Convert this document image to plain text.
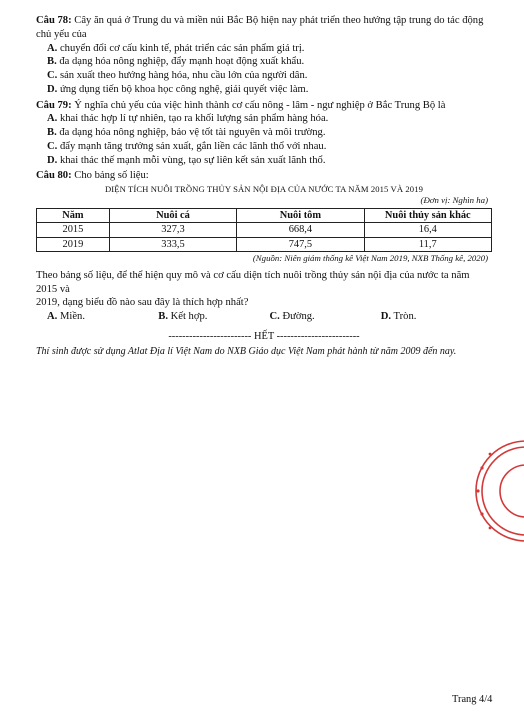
Câu 78: Cây ăn quả ở Trung du và miền núi Bắc Bộ hiện nay phát triển theo hướng tập trung do tác động

chủ yếu của

A. chuyển đổi cơ cấu kinh tế, phát triển các sản phẩm giá trị.

B. đa dạng hóa nông nghiệp, đẩy mạnh hoạt động xuất khẩu.

C. sản xuất theo hướng hàng hóa, nhu cầu lớn của người dân.

D. ứng dụng tiến bộ khoa học công nghệ, giải quyết việc làm.

Câu 79: Ý nghĩa chủ yếu của việc hình thành cơ cấu nông - lâm - ngư nghiệp ở Bắc Trung Bộ là

A. khai thác hợp lí tự nhiên, tạo ra khối lượng sản phẩm hàng hóa.

B. đa dạng hóa nông nghiệp, bảo vệ tốt tài nguyên và môi trường.

C. đẩy mạnh tăng trưởng sản xuất, gắn liền các lãnh thổ với nhau.

D. khai thác thế mạnh mỗi vùng, tạo sự liên kết sản xuất lãnh thổ.

Câu 80: Cho bảng số liệu:

DIỆN TÍCH NUÔI TRỒNG THỦY SẢN NỘI ĐỊA CỦA NƯỚC TA NĂM 2015 VÀ 2019

(Đơn vị: Nghìn ha)

Năm	Nuôi cá	Nuôi tôm	Nuôi thủy sản khác
2015	327,3	668,4	16,4
2019	333,5	747,5	11,7

(Nguồn: Niên giám thống kê Việt Nam 2019, NXB Thống kê, 2020)

Theo bảng số liệu, để thể hiện quy mô và cơ cấu diện tích nuôi trồng thủy sản nội địa của nước ta năm 2015 và

2019, dạng biểu đồ nào sau đây là thích hợp nhất?

A. Miền.	B. Kết hợp.	C. Đường.	D. Tròn.

------------------------ HẾT ------------------------

Thí sinh được sử dụng Atlat Địa lí Việt Nam do NXB Giáo dục Việt Nam phát hành từ năm 2009 đến nay.

Trang 4/4
